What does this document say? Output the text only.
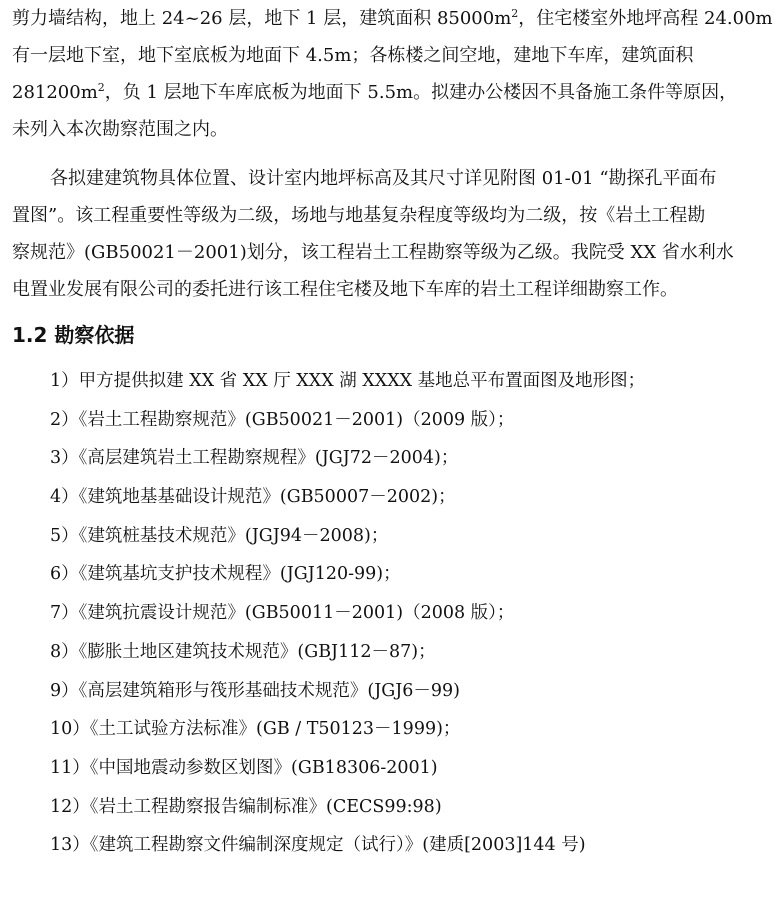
剪力墙结构，地上 24~26 层，地下 1 层，建筑面积 $85000m^2$，住宅楼室外地坪高程 24.00m
有一层地下室，地下室底板为地面下 4.5m；各栋楼之间空地，建地下车库，建筑面积
$281200m^2$，负 1 层地下车库底板为地面下 5.5m。拟建办公楼因不具备施工条件等原因，
未列入本次勘察范围之内。
各拟建建筑物具体位置、设计室内地坪标高及其尺寸详见附图 01-01 “勘探孔平面布
置图”。该工程重要性等级为二级，场地与地基复杂程度等级均为二级，按《岩土工程勘
察规范》(GB50021－2001)划分，该工程岩土工程勘察等级为乙级。我院受 XX 省水利水
电置业发展有限公司的委托进行该工程住宅楼及地下车库的岩土工程详细勘察工作。
1.2 勘察依据
1）甲方提供拟建 XX 省 XX 厅 XXX 湖 XXXX 基地总平布置面图及地形图；
2）《岩土工程勘察规范》(GB50021－2001)（2009 版）；
3）《高层建筑岩土工程勘察规程》(JGJ72－2004)；
4）《建筑地基基础设计规范》(GB50007－2002)；
5）《建筑桩基技术规范》(JGJ94－2008)；
6）《建筑基坑支护技术规程》(JGJ120-99)；
7）《建筑抗震设计规范》(GB50011－2001)（2008 版）；
8）《膨胀土地区建筑技术规范》(GBJ112－87)；
9）《高层建筑箱形与筏形基础技术规范》(JGJ6－99)
10）《土工试验方法标准》(GB / T50123－1999)；
11）《中国地震动参数区划图》(GB18306-2001)
12）《岩土工程勘察报告编制标准》(CECS99:98)
13）《建筑工程勘察文件编制深度规定（试行）》(建质[2003]144 号)
